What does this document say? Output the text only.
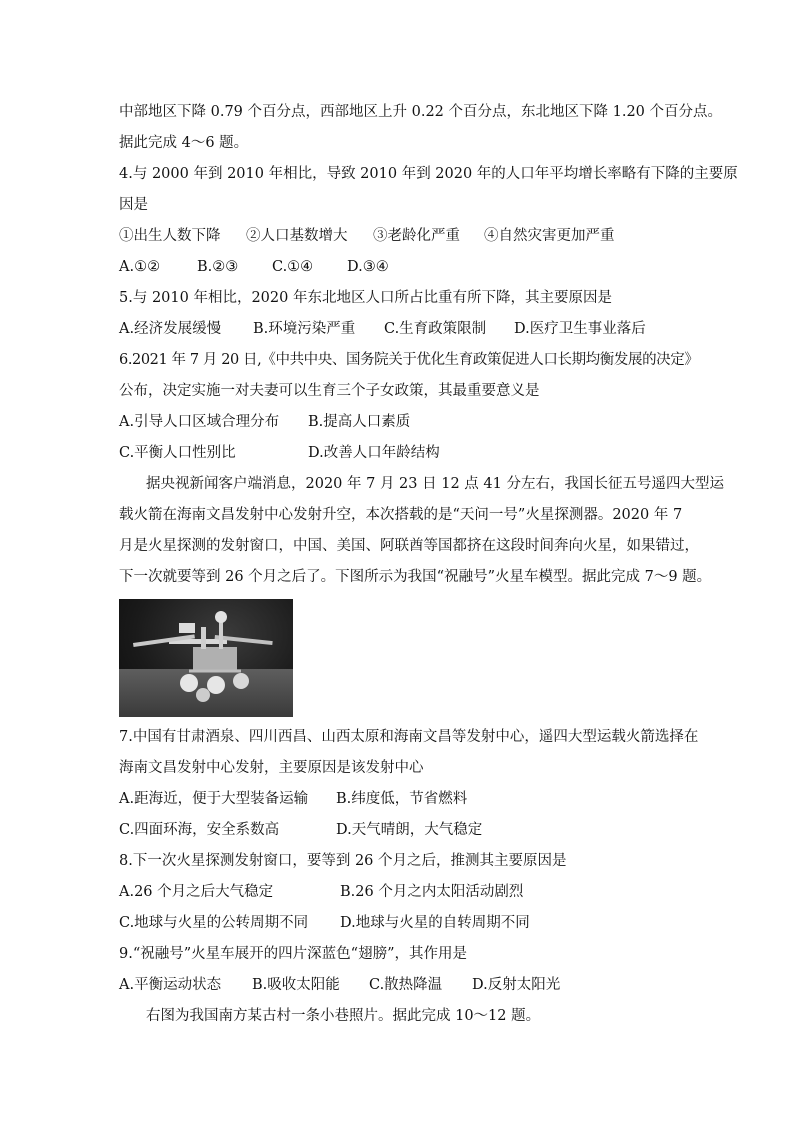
中部地区下降 0.79 个百分点，西部地区上升 0.22 个百分点，东北地区下降 1.20 个百分点。
据此完成 4～6 题。
4.与 2000 年到 2010 年相比，导致 2010 年到 2020 年的人口年平均增长率略有下降的主要原
因是
①出生人数下降 ②人口基数增大 ③老龄化严重 ④自然灾害更加严重
A.①②	B.②③ C.①④ D.③④
5.与 2010 年相比，2020 年东北地区人口所占比重有所下降，其主要原因是
A.经济发展缓慢 B.环境污染严重 C.生育政策限制 D.医疗卫生事业落后
6.2021 年 7 月 20 日,《中共中央、国务院关于优化生育政策促进人口长期均衡发展的决定》
公布，决定实施一对夫妻可以生育三个子女政策，其最重要意义是
A.引导人口区域合理分布 B.提高人口素质
C.平衡人口性别比	D.改善人口年龄结构
据央视新闻客户端消息，2020 年 7 月 23 日 12 点 41 分左右，我国长征五号遥四大型运
载火箭在海南文昌发射中心发射升空，本次搭载的是“天问一号”火星探测器。2020 年 7
月是火星探测的发射窗口，中国、美国、阿联酋等国都挤在这段时间奔向火星，如果错过，
下一次就要等到 26 个月之后了。下图所示为我国“祝融号”火星车模型。据此完成 7～9 题。
7.中国有甘肃酒泉、四川西昌、山西太原和海南文昌等发射中心，遥四大型运载火箭选择在
海南文昌发射中心发射，主要原因是该发射中心
A.距海近，便于大型装备运输 B.纬度低，节省燃料
C.四面环海，安全系数高	D.天气晴朗，大气稳定
8.下一次火星探测发射窗口，要等到 26 个月之后，推测其主要原因是
A.26 个月之后大气稳定	B.26 个月之内太阳活动剧烈
C.地球与火星的公转周期不同 D.地球与火星的自转周期不同
9.“祝融号”火星车展开的四片深蓝色“翅膀”，其作用是
A.平衡运动状态 B.吸收太阳能 C.散热降温 D.反射太阳光
右图为我国南方某古村一条小巷照片。据此完成 10～12 题。
